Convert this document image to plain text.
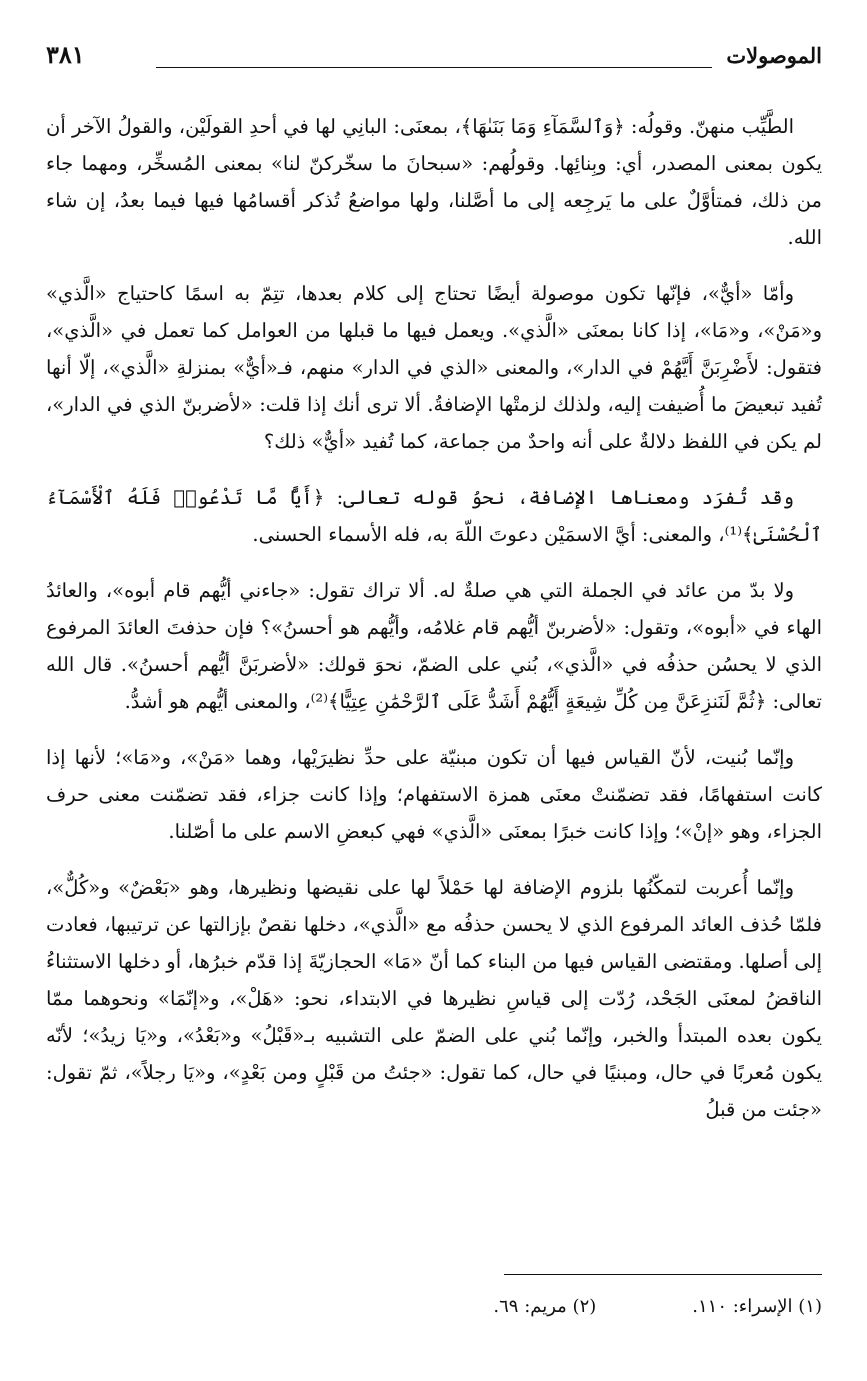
الموصولات
٣٨١

الطَّيِّب منهنّ. وقولُه: ﴿وَٱلسَّمَآءِ وَمَا بَنَىٰهَا﴾، بمعنَى: البانِي لها في أحدِ القولَيْن، والقولُ الآخر أن يكون بمعنى المصدر، أي: وبِنائِها. وقولُهم: «سبحانَ ما سخّركنّ لنا» بمعنى المُسخِّر، ومهما جاء من ذلك، فمتأوَّلٌ على ما يَرجِعه إلى ما أصَّلنا، ولها مواضعُ تُذكر أقسامُها فيها فيما بعدُ، إن شاء الله.

وأمّا «أيٌّ»، فإنّها تكون موصولة أيضًا تحتاج إلى كلام بعدها، تتِمّ به اسمًا كاحتياج «الَّذي» و«مَنْ»، و«مَا»، إذا كانا بمعنَى «الَّذي». ويعمل فيها ما قبلها من العوامل كما تعمل في «الَّذي»، فتقول: لأَضْرِبَنَّ أَيَّهُمْ في الدار»، والمعنى «الذي في الدار» منهم، فـ«أيٌّ» بمنزلةِ «الَّذي»، إلّا أنها تُفيد تبعيضَ ما أُضيفت إليه، ولذلك لزمتْها الإضافةُ. ألا ترى أنك إذا قلت: «لأضربنّ الذي في الدار»، لم يكن في اللفظ دلالةٌ على أنه واحدٌ من جماعة، كما تُفيد «أيٌّ» ذلك؟

وقد تُفرَد ومعناها الإضافة، نحوُ قوله تعالى: ﴿أَيًّا مَّا تَدْعُوا۟ فَلَهُ ٱلْأَسْمَآءُ ٱلْحُسْنَىٰ﴾⁽¹⁾، والمعنى: أيَّ الاسمَيْن دعوتَ اللّهَ به، فله الأسماء الحسنى.

ولا بدّ من عائد في الجملة التي هي صلةٌ له. ألا تراك تقول: «جاءني أيُّهم قام أبوه»، والعائدُ الهاء في «أبوه»، وتقول: «لأضربنّ أيُّهم قام غلامُه، وأيُّهم هو أحسنُ»؟ فإن حذفتَ العائدَ المرفوع الذي لا يحسُن حذفُه في «الَّذي»، بُني على الضمّ، نحوَ قولك: «لأضربَنَّ أيُّهم أحسنُ». قال الله تعالى: ﴿ثُمَّ لَنَنزِعَنَّ مِن كُلِّ شِيعَةٍ أَيُّهُمْ أَشَدُّ عَلَى ٱلرَّحْمَٰنِ عِتِيًّا﴾⁽²⁾، والمعنى أيُّهم هو أشدُّ.

وإنّما بُنيت، لأنّ القياس فيها أن تكون مبنيّة على حدِّ نظيرَيْها، وهما «مَنْ»، و«مَا»؛ لأنها إذا كانت استفهامًا، فقد تضمّنتْ معنَى همزة الاستفهام؛ وإذا كانت جزاء، فقد تضمّنت معنى حرف الجزاء، وهو «إنْ»؛ وإذا كانت خبرًا بمعنَى «الَّذي» فهي كبعضِ الاسم على ما أصّلنا.

وإنّما أُعربت لتمكّنُها بلزوم الإضافة لها حَمْلاً لها على نقيضها ونظيرها، وهو «بَعْضٌ» و«كُلٌّ»، فلمّا حُذف العائد المرفوع الذي لا يحسن حذفُه مع «الَّذي»، دخلها نقصٌ بإزالتها عن ترتيبها، فعادت إلى أصلها. ومقتضى القياس فيها من البناء كما أنّ «مَا» الحجازيّةَ إذا قدّم خبرُها، أو دخلها الاستثناءُ الناقضُ لمعنَى الجَحْد، رُدّت إلى قياسِ نظيرها في الابتداء، نحو: «هَلْ»، و«إنّمَا» ونحوهما ممّا يكون بعده المبتدأ والخبر، وإنّما بُني على الضمّ على التشبيه بـ«قَبْلُ» و«بَعْدُ»، و«يَا زيدُ»؛ لأنّه يكون مُعربًا في حال، ومبنيًا في حال، كما تقول: «جئتُ من قَبْلٍ ومن بَعْدٍ»، و«يَا رجلاً»، ثمّ تقول: «جئت من قبلُ

(١) الإسراء: ١١٠.
(٢) مريم: ٦٩.
